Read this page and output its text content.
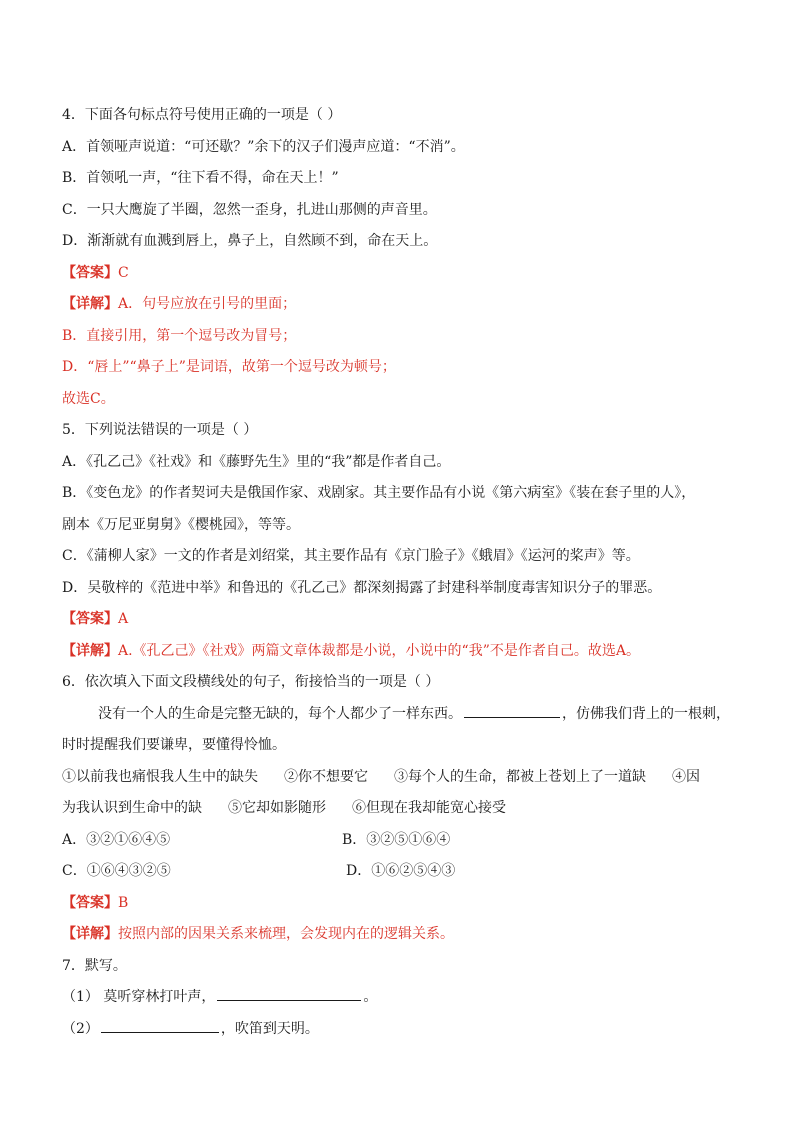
4．下面各句标点符号使用正确的一项是（ ）
A．首领哑声说道：“可还歇？”余下的汉子们漫声应道：“不消”。
B．首领吼一声，“往下看不得，命在天上！”
C．一只大鹰旋了半圈，忽然一歪身，扎进山那侧的声音里。
D．渐渐就有血溅到唇上，鼻子上，自然顾不到，命在天上。
【答案】C
【详解】A．句号应放在引号的里面；
B．直接引用，第一个逗号改为冒号；
D．“唇上”“鼻子上”是词语，故第一个逗号改为顿号；
故选C。
5．下列说法错误的一项是（ ）
A．《孔乙己》《社戏》和《藤野先生》里的“我”都是作者自己。
B．《变色龙》的作者契诃夫是俄国作家、戏剧家。其主要作品有小说《第六病室》《装在套子里的人》，
剧本《万尼亚舅舅》《樱桃园》，等等。
C．《蒲柳人家》一文的作者是刘绍棠，其主要作品有《京门脸子》《蛾眉》《运河的桨声》等。
D．吴敬梓的《范进中举》和鲁迅的《孔乙己》都深刻揭露了封建科举制度毒害知识分子的罪恶。
【答案】A
【详解】A.《孔乙己》《社戏》两篇文章体裁都是小说，小说中的“我”不是作者自己。故选A。
6．依次填入下面文段横线处的句子，衔接恰当的一项是（ ）
没有一个人的生命是完整无缺的，每个人都少了一样东西。	，仿佛我们背上的一根刺，
时时提醒我们要谦卑，要懂得怜恤。
①以前我也痛恨我人生中的缺失 ②你不想要它 ③每个人的生命，都被上苍划上了一道缺 ④因
为我认识到生命中的缺 ⑤它却如影随形 ⑥但现在我却能宽心接受
A．③②①⑥④⑤	B．③②⑤①⑥④
C．①⑥④③②⑤	D．①⑥②⑤④③
【答案】B
【详解】按照内部的因果关系来梳理，会发现内在的逻辑关系。
7．默写。
（1） 莫听穿林打叶声，	。
（2）	，吹笛到天明。
